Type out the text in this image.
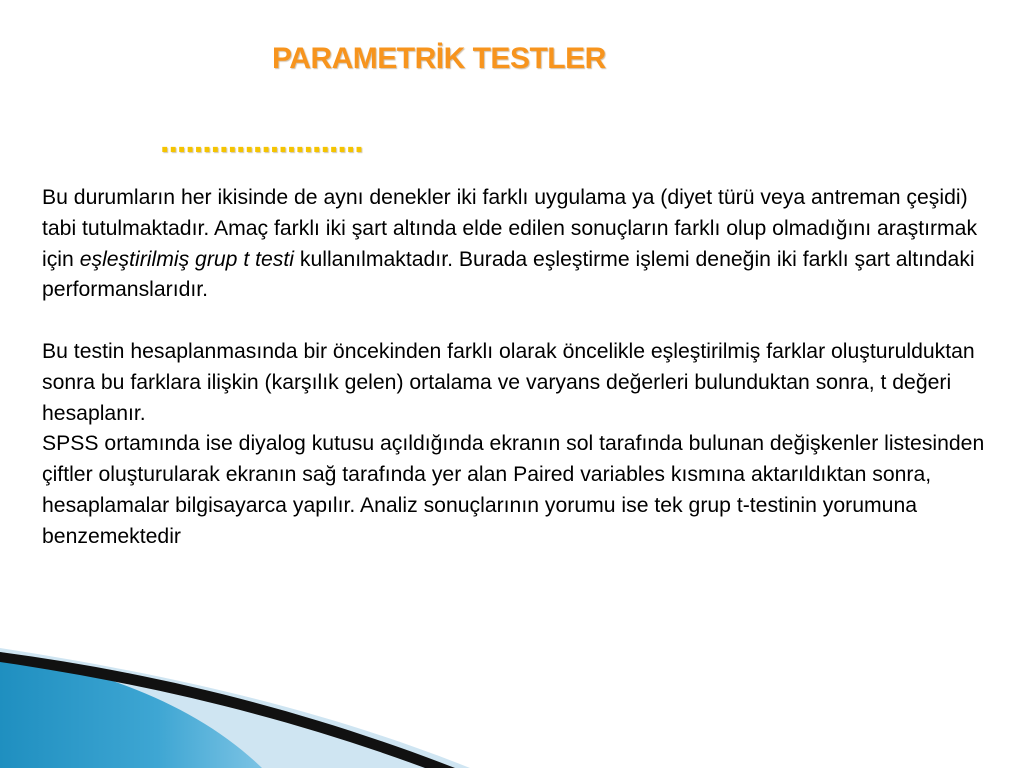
PARAMETRİK TESTLER
........................

Bu durumların her ikisinde de aynı denekler iki farklı uygulama ya (diyet türü veya antreman çeşidi) tabi tutulmaktadır. Amaç farklı iki şart altında elde edilen sonuçların farklı olup olmadığını araştırmak için eşleştirilmiş grup t testi kullanılmaktadır. Burada eşleştirme işlemi deneğin iki farklı şart altındaki performanslarıdır.

Bu testin hesaplanmasında bir öncekinden farklı olarak öncelikle eşleştirilmiş farklar oluşturulduktan sonra bu farklara ilişkin (karşılık gelen) ortalama ve varyans değerleri bulunduktan sonra, t değeri hesaplanır.

SPSS ortamında ise diyalog kutusu açıldığında ekranın sol tarafında bulunan değişkenler listesinden çiftler oluşturularak ekranın sağ tarafında yer alan Paired variables kısmına aktarıldıktan sonra, hesaplamalar bilgisayarca yapılır. Analiz sonuçlarının yorumu ise tek grup t-testinin yorumuna benzemektedir
